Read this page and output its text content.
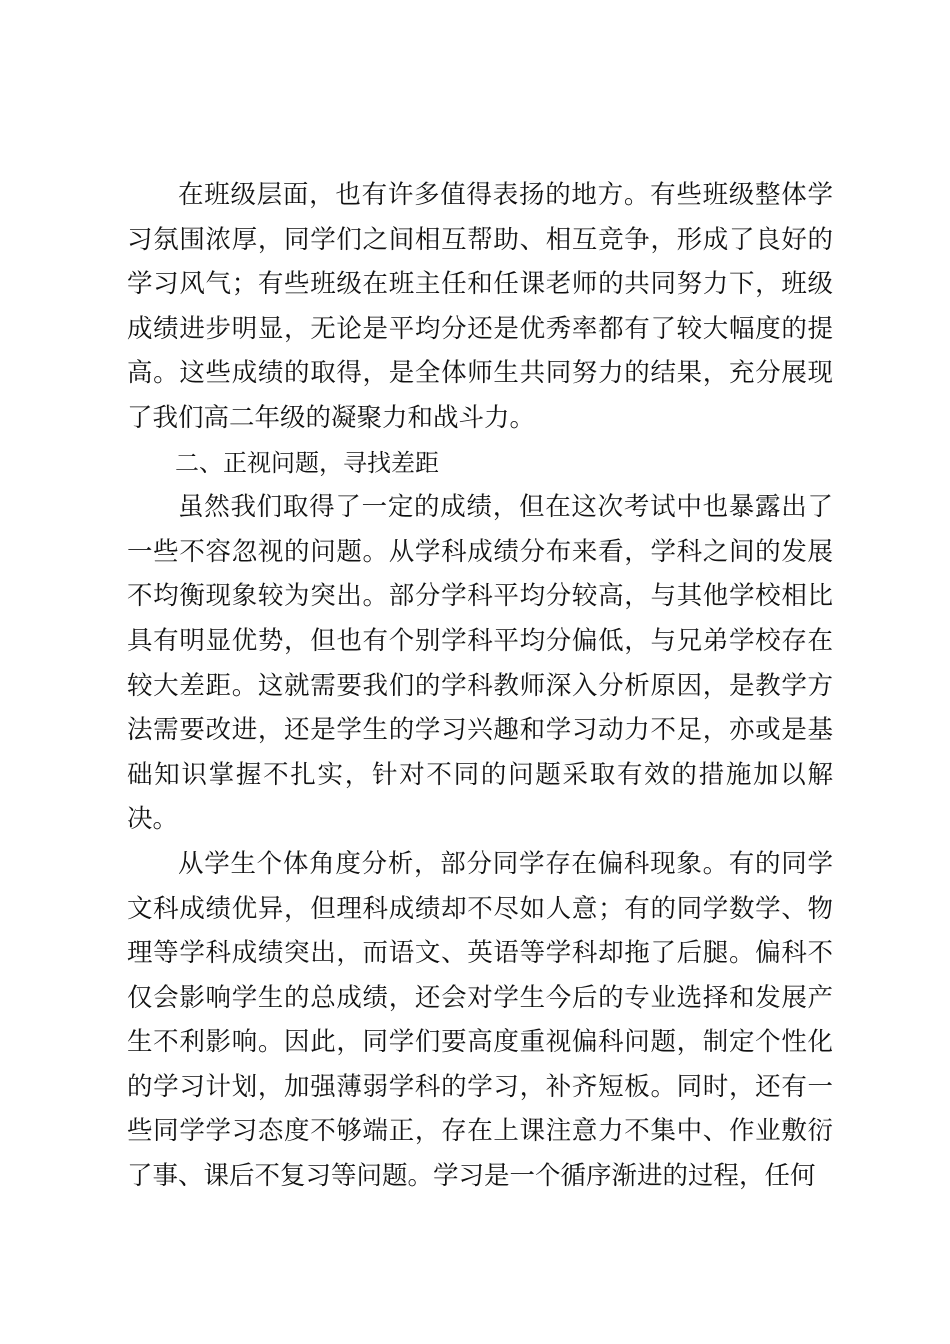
在班级层面，也有许多值得表扬的地方。有些班级整体学习氛围浓厚，同学们之间相互帮助、相互竞争，形成了良好的学习风气；有些班级在班主任和任课老师的共同努力下，班级成绩进步明显，无论是平均分还是优秀率都有了较大幅度的提高。这些成绩的取得，是全体师生共同努力的结果，充分展现了我们高二年级的凝聚力和战斗力。

二、正视问题，寻找差距

虽然我们取得了一定的成绩，但在这次考试中也暴露出了一些不容忽视的问题。从学科成绩分布来看，学科之间的发展不均衡现象较为突出。部分学科平均分较高，与其他学校相比具有明显优势，但也有个别学科平均分偏低，与兄弟学校存在较大差距。这就需要我们的学科教师深入分析原因，是教学方法需要改进，还是学生的学习兴趣和学习动力不足，亦或是基础知识掌握不扎实，针对不同的问题采取有效的措施加以解决。

从学生个体角度分析，部分同学存在偏科现象。有的同学文科成绩优异，但理科成绩却不尽如人意；有的同学数学、物理等学科成绩突出，而语文、英语等学科却拖了后腿。偏科不仅会影响学生的总成绩，还会对学生今后的专业选择和发展产生不利影响。因此，同学们要高度重视偏科问题，制定个性化的学习计划，加强薄弱学科的学习，补齐短板。同时，还有一些同学学习态度不够端正，存在上课注意力不集中、作业敷衍了事、课后不复习等问题。学习是一个循序渐进的过程，任何
